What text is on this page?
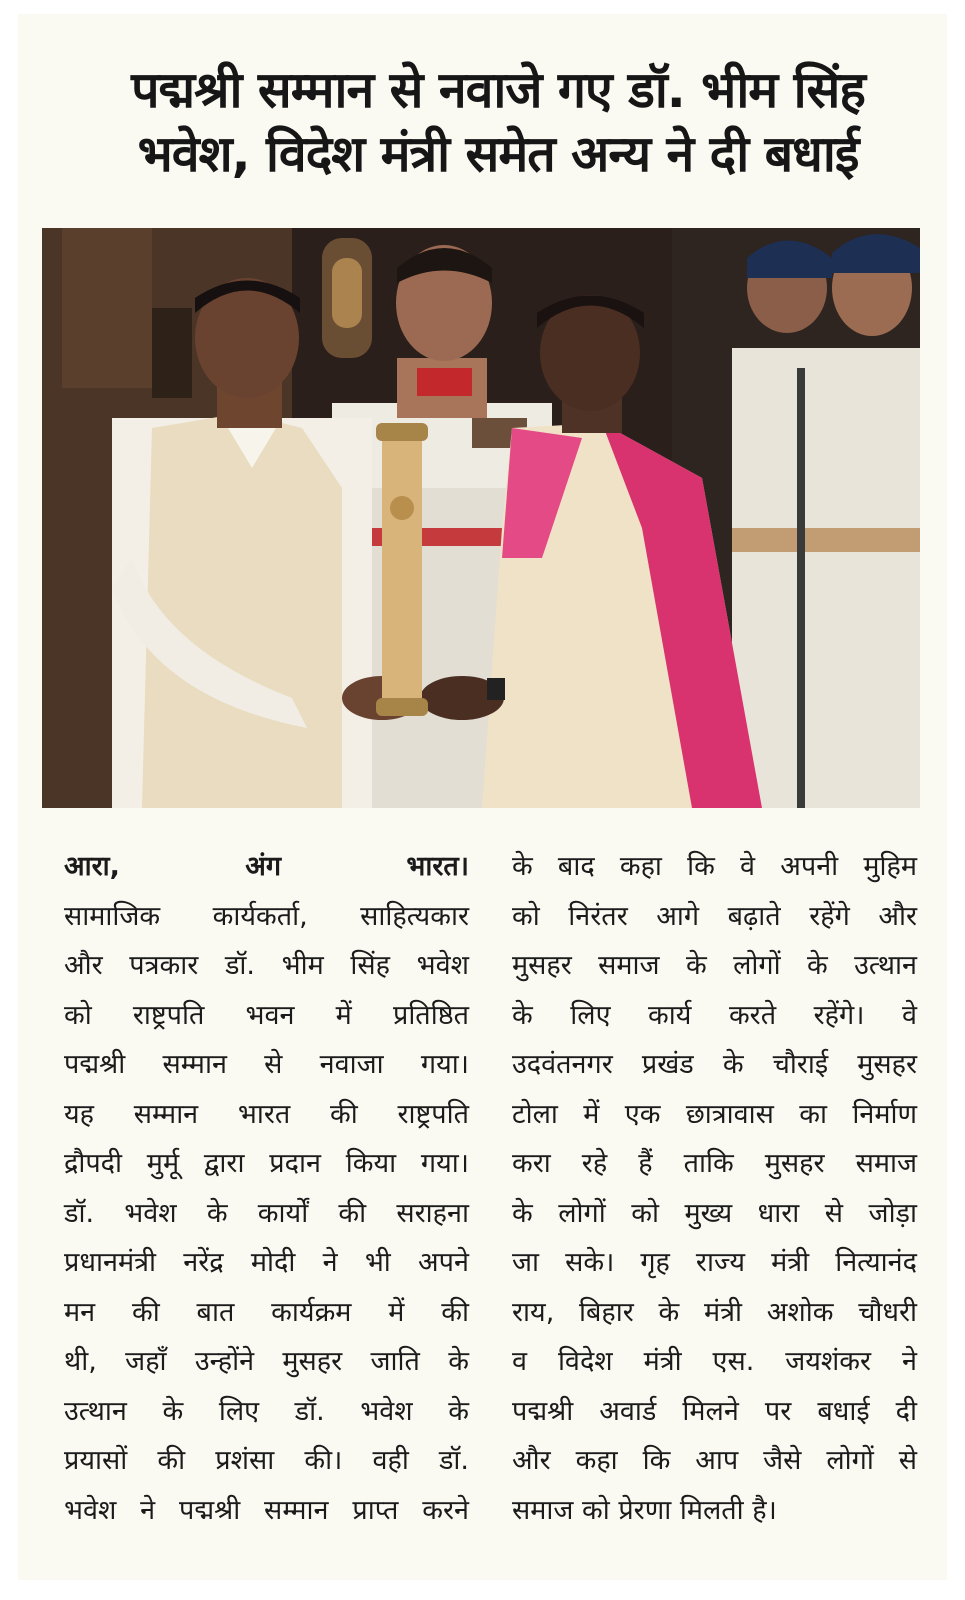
पद्मश्री सम्मान से नवाजे गए डॉ. भीम सिंह
भवेश, विदेश मंत्री समेत अन्य ने दी बधाई
आरा, अंग भारत।
सामाजिक कार्यकर्ता, साहित्यकार
और पत्रकार डॉ. भीम सिंह भवेश
को राष्ट्रपति भवन में प्रतिष्ठित
पद्मश्री सम्मान से नवाजा गया।
यह सम्मान भारत की राष्ट्रपति
द्रौपदी मुर्मू द्वारा प्रदान किया गया।
डॉ. भवेश के कार्यों की सराहना
प्रधानमंत्री नरेंद्र मोदी ने भी अपने
मन की बात कार्यक्रम में की
थी, जहाँ उन्होंने मुसहर जाति के
उत्थान के लिए डॉ. भवेश के
प्रयासों की प्रशंसा की। वही डॉ.
भवेश ने पद्मश्री सम्मान प्राप्त करने
के बाद कहा कि वे अपनी मुहिम
को निरंतर आगे बढ़ाते रहेंगे और
मुसहर समाज के लोगों के उत्थान
के लिए कार्य करते रहेंगे। वे
उदवंतनगर प्रखंड के चौराई मुसहर
टोला में एक छात्रावास का निर्माण
करा रहे हैं ताकि मुसहर समाज
के लोगों को मुख्य धारा से जोड़ा
जा सके। गृह राज्य मंत्री नित्यानंद
राय, बिहार के मंत्री अशोक चौधरी
व विदेश मंत्री एस. जयशंकर ने
पद्मश्री अवार्ड मिलने पर बधाई दी
और कहा कि आप जैसे लोगों से
समाज को प्रेरणा मिलती है।
